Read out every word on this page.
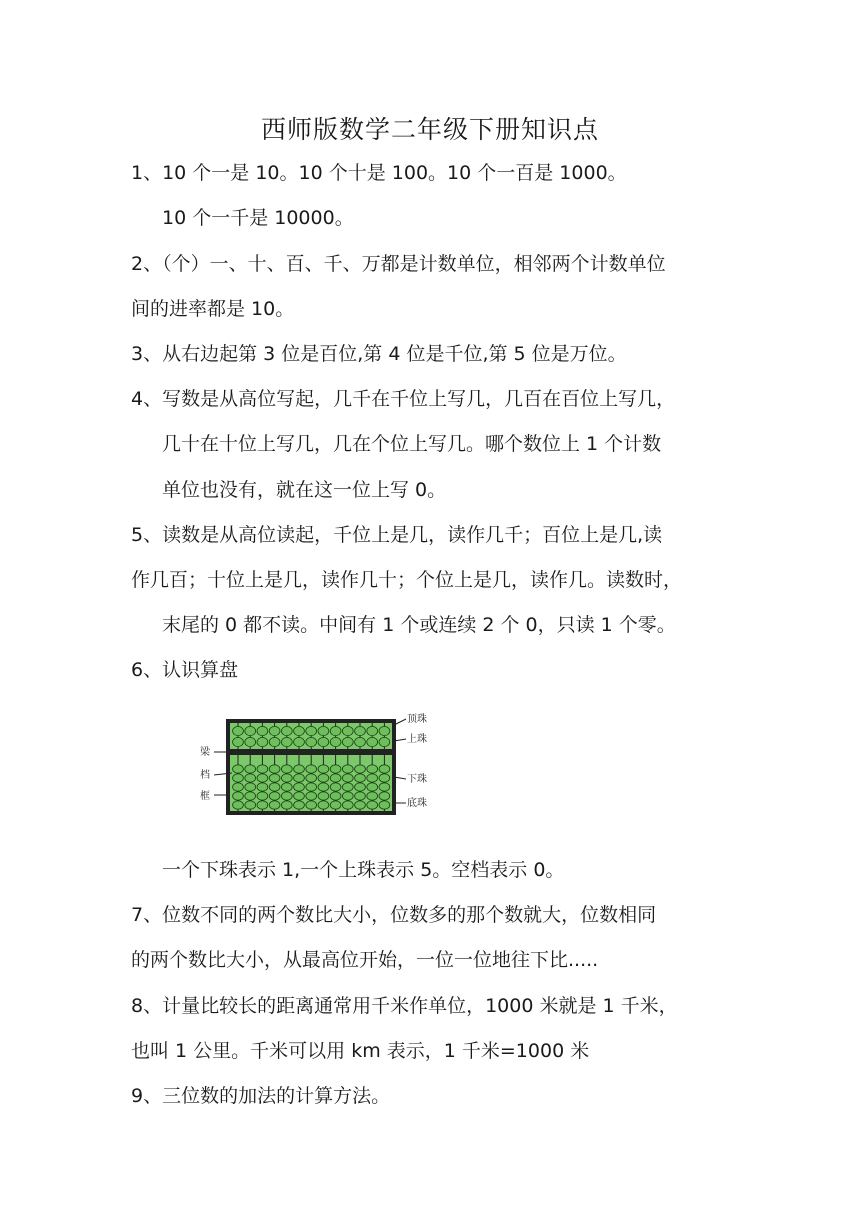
西师版数学二年级下册知识点
1、10 个一是 10。10 个十是 100。10 个一百是 1000。
10 个一千是 10000。
2、（个）一、十、百、千、万都是计数单位，相邻两个计数单位
间的进率都是 10。
3、从右边起第 3 位是百位,第 4 位是千位,第 5 位是万位。
4、写数是从高位写起，几千在千位上写几，几百在百位上写几，
几十在十位上写几，几在个位上写几。哪个数位上 1 个计数
单位也没有，就在这一位上写 0。
5、读数是从高位读起，千位上是几，读作几千；百位上是几,读
作几百；十位上是几，读作几十；个位上是几，读作几。读数时，
末尾的 0 都不读。中间有 1 个或连续 2 个 0，只读 1 个零。
6、认识算盘
顶珠
上珠
下珠
底珠
梁
档
框
一个下珠表示 1,一个上珠表示 5。空档表示 0。
7、位数不同的两个数比大小，位数多的那个数就大，位数相同
的两个数比大小，从最高位开始，一位一位地往下比.....
8、计量比较长的距离通常用千米作单位，1000 米就是 1 千米，
也叫 1 公里。千米可以用 km 表示，1 千米=1000 米
9、三位数的加法的计算方法。
